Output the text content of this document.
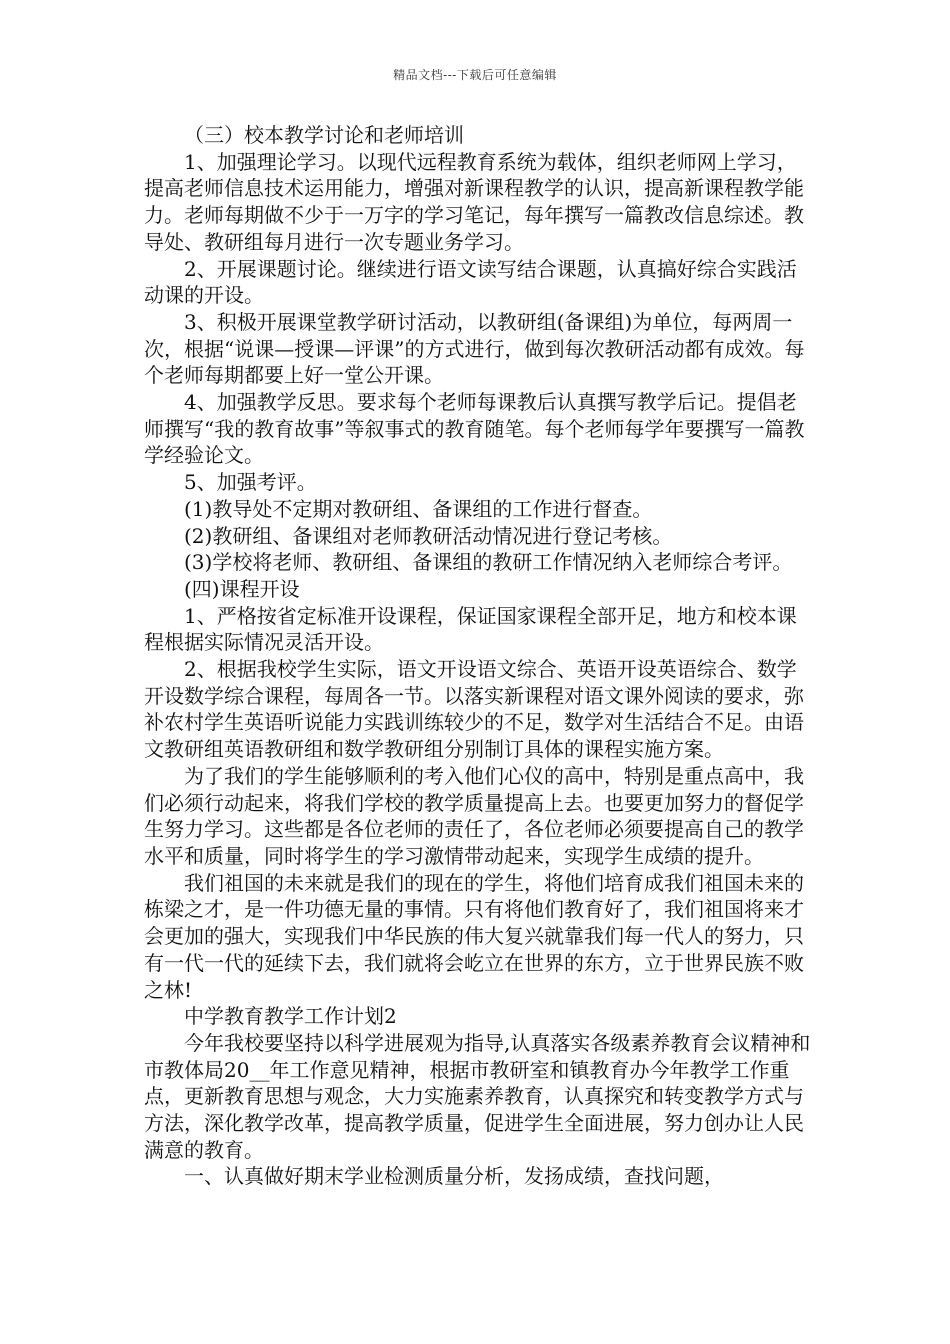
精品文档---下载后可任意编辑

（三）校本教学讨论和老师培训

1、加强理论学习。以现代远程教育系统为载体，组织老师网上学习，提高老师信息技术运用能力，增强对新课程教学的认识，提高新课程教学能力。老师每期做不少于一万字的学习笔记，每年撰写一篇教改信息综述。教导处、教研组每月进行一次专题业务学习。

2、开展课题讨论。继续进行语文读写结合课题，认真搞好综合实践活动课的开设。

3、积极开展课堂教学研讨活动，以教研组(备课组)为单位，每两周一次，根据“说课—授课—评课”的方式进行，做到每次教研活动都有成效。每个老师每期都要上好一堂公开课。

4、加强教学反思。要求每个老师每课教后认真撰写教学后记。提倡老师撰写“我的教育故事”等叙事式的教育随笔。每个老师每学年要撰写一篇教学经验论文。

5、加强考评。

(1)教导处不定期对教研组、备课组的工作进行督查。

(2)教研组、备课组对老师教研活动情况进行登记考核。

(3)学校将老师、教研组、备课组的教研工作情况纳入老师综合考评。

(四)课程开设

1、严格按省定标准开设课程，保证国家课程全部开足，地方和校本课程根据实际情况灵活开设。

2、根据我校学生实际，语文开设语文综合、英语开设英语综合、数学开设数学综合课程，每周各一节。以落实新课程对语文课外阅读的要求，弥补农村学生英语听说能力实践训练较少的不足，数学对生活结合不足。由语文教研组英语教研组和数学教研组分别制订具体的课程实施方案。

为了我们的学生能够顺利的考入他们心仪的高中，特别是重点高中，我们必须行动起来，将我们学校的教学质量提高上去。也要更加努力的督促学生努力学习。这些都是各位老师的责任了，各位老师必须要提高自己的教学水平和质量，同时将学生的学习激情带动起来，实现学生成绩的提升。

我们祖国的未来就是我们的现在的学生，将他们培育成我们祖国未来的栋梁之才，是一件功德无量的事情。只有将他们教育好了，我们祖国将来才会更加的强大，实现我们中华民族的伟大复兴就靠我们每一代人的努力，只有一代一代的延续下去，我们就将会屹立在世界的东方，立于世界民族不败之林!

中学教育教学工作计划2

今年我校要坚持以科学进展观为指导,认真落实各级素养教育会议精神和市教体局20__年工作意见精神，根据市教研室和镇教育办今年教学工作重点，更新教育思想与观念，大力实施素养教育，认真探究和转变教学方式与方法，深化教学改革，提高教学质量，促进学生全面进展，努力创办让人民满意的教育。

一、认真做好期末学业检测质量分析，发扬成绩，查找问题，
